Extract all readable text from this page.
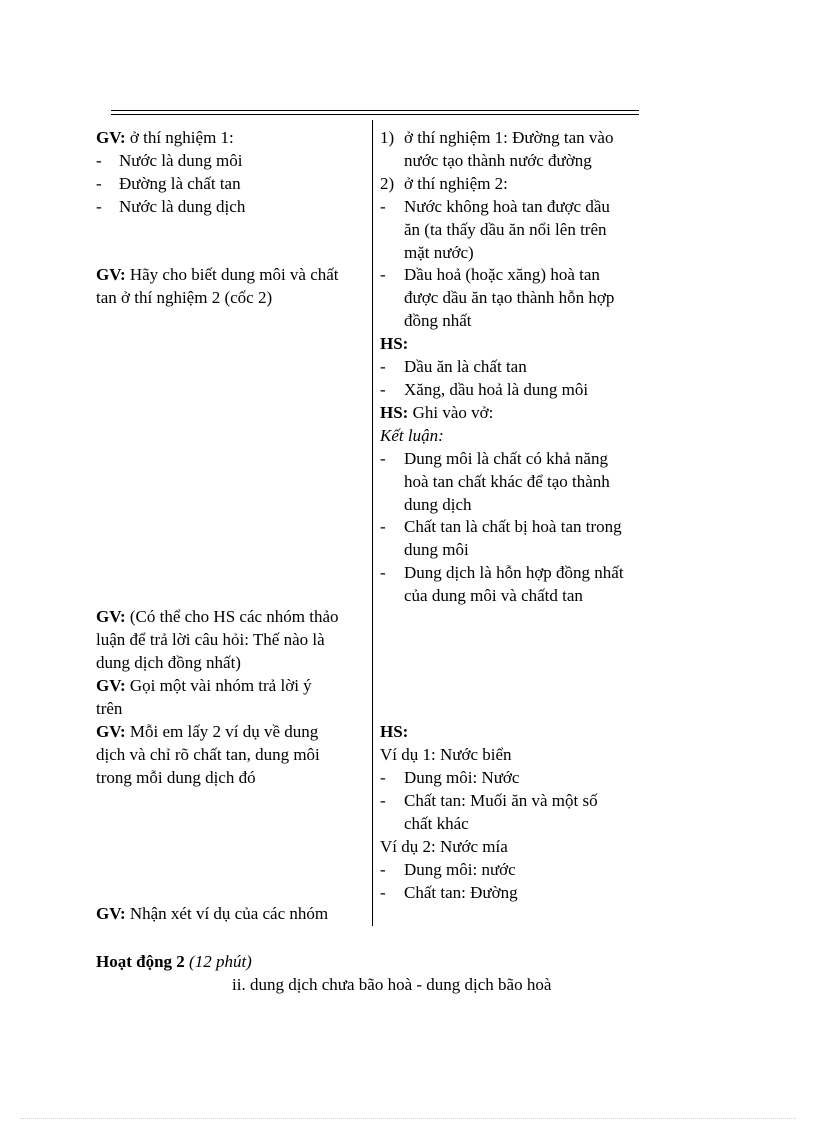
GV: ở thí nghiệm 1:
- Nước là dung môi
- Đường là chất tan
- Nước là dung dịch
GV: Hãy cho biết dung môi và chất
tan ở thí nghiệm 2 (cốc 2)
GV: (Có thể cho HS các nhóm thảo
luận để trả lời câu hỏi: Thế nào là
dung dịch đồng nhất)
GV: Gọi một vài nhóm trả lời ý
trên
GV: Mỗi em lấy 2 ví dụ về dung
dịch và chỉ rõ chất tan, dung môi
trong mỗi dung dịch đó
GV: Nhận xét ví dụ của các nhóm
1) ở thí nghiệm 1: Đường tan vào
nước tạo thành nước đường
2) ở thí nghiệm 2:
- Nước không hoà tan được dầu
ăn (ta thấy dầu ăn nổi lên trên
mặt nước)
- Dầu hoả (hoặc xăng) hoà tan
được dầu ăn tạo thành hỗn hợp
đồng nhất
HS:
- Dầu ăn là chất tan
- Xăng, dầu hoả là dung môi
HS: Ghi vào vở:
Kết luận:
- Dung môi là chất có khả năng
hoà tan chất khác để tạo thành
dung dịch
- Chất tan là chất bị hoà tan trong
dung môi
- Dung dịch là hỗn hợp đồng nhất
của dung môi và chấtd tan
HS:
Ví dụ 1: Nước biển
- Dung môi: Nước
- Chất tan: Muối ăn và một số
chất khác
Ví dụ 2: Nước mía
- Dung môi: nước
- Chất tan: Đường
Hoạt động 2 (12 phút)
ii. dung dịch chưa bão hoà - dung dịch bão hoà
